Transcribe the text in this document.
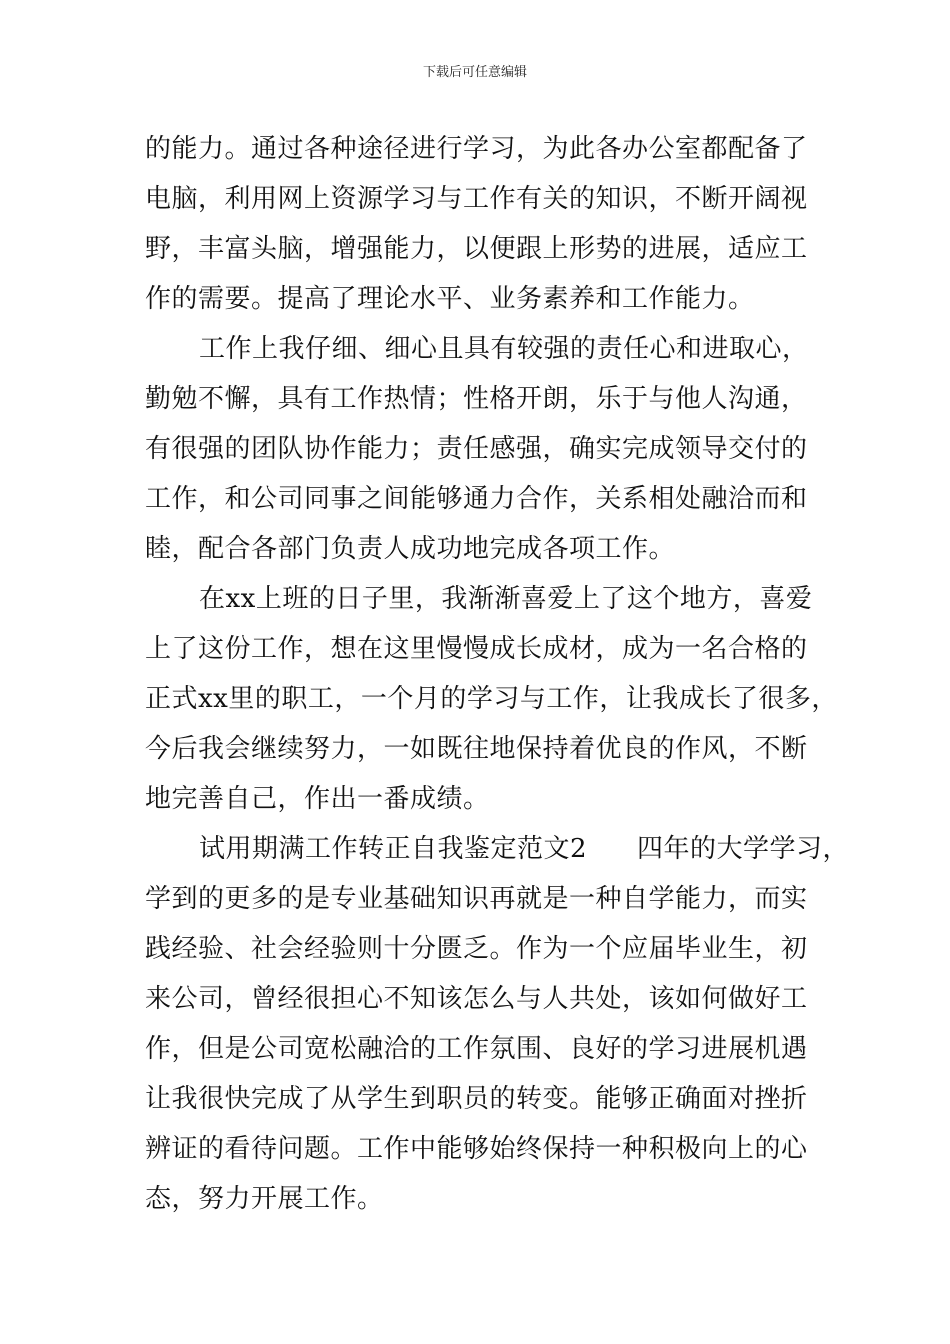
下载后可任意编辑
的能力。通过各种途径进行学习，为此各办公室都配备了
电脑，利用网上资源学习与工作有关的知识，不断开阔视
野，丰富头脑，增强能力，以便跟上形势的进展，适应工
作的需要。提高了理论水平、业务素养和工作能力。
工作上我仔细、细心且具有较强的责任心和进取心，
勤勉不懈，具有工作热情；性格开朗，乐于与他人沟通，
有很强的团队协作能力；责任感强，确实完成领导交付的
工作，和公司同事之间能够通力合作，关系相处融洽而和
睦，配合各部门负责人成功地完成各项工作。
在xx上班的日子里，我渐渐喜爱上了这个地方，喜爱
上了这份工作，想在这里慢慢成长成材，成为一名合格的
正式xx里的职工，一个月的学习与工作，让我成长了很多，
今后我会继续努力，一如既往地保持着优良的作风，不断
地完善自己，作出一番成绩。
试用期满工作转正自我鉴定范文2 四年的大学学习，
学到的更多的是专业基础知识再就是一种自学能力，而实
践经验、社会经验则十分匮乏。作为一个应届毕业生，初
来公司，曾经很担心不知该怎么与人共处，该如何做好工
作，但是公司宽松融洽的工作氛围、良好的学习进展机遇
让我很快完成了从学生到职员的转变。能够正确面对挫折
辨证的看待问题。工作中能够始终保持一种积极向上的心
态，努力开展工作。
